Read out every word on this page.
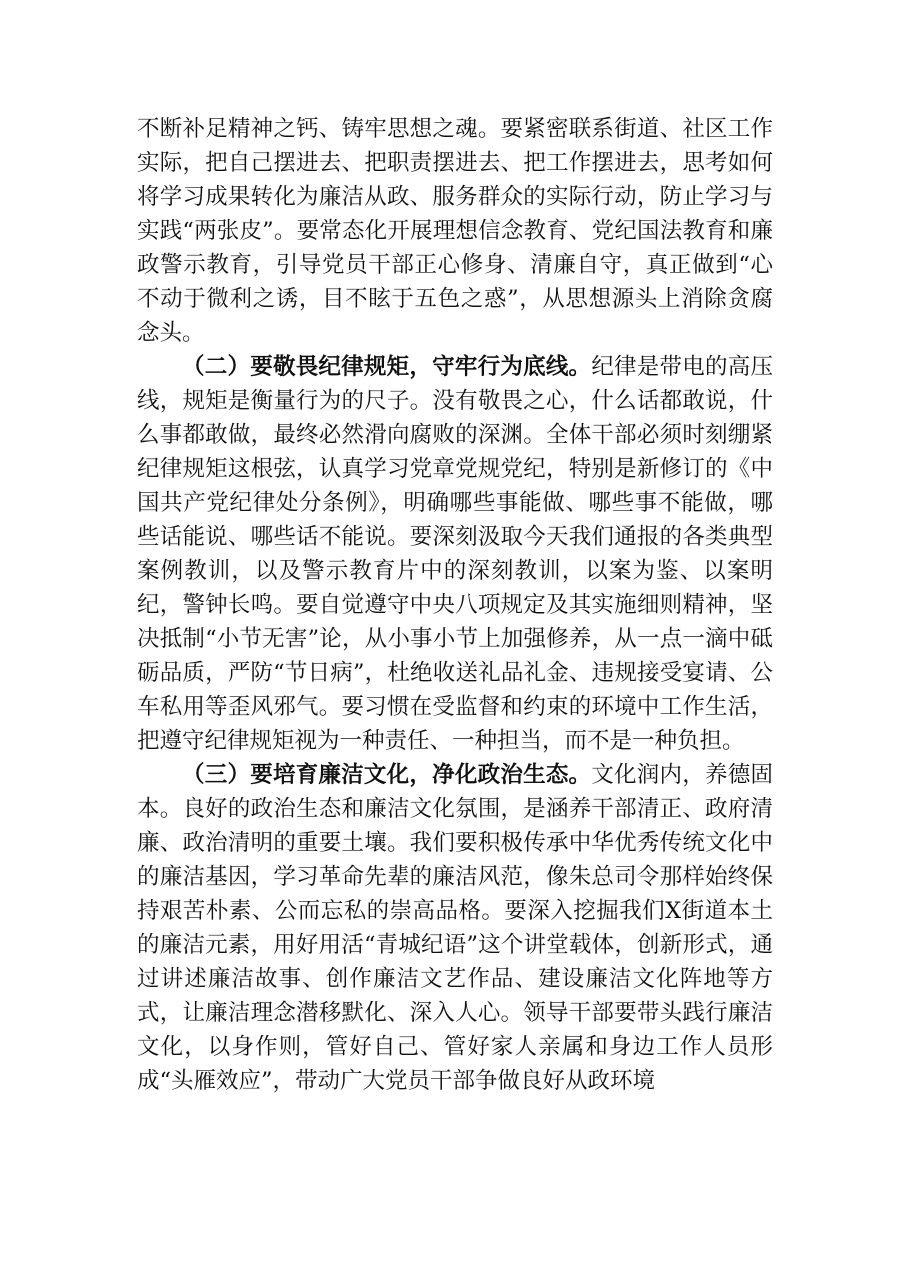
不断补足精神之钙、铸牢思想之魂。要紧密联系街道、社区工作实际，把自己摆进去、把职责摆进去、把工作摆进去，思考如何将学习成果转化为廉洁从政、服务群众的实际行动，防止学习与实践“两张皮”。要常态化开展理想信念教育、党纪国法教育和廉政警示教育，引导党员干部正心修身、清廉自守，真正做到“心不动于微利之诱，目不眩于五色之惑”，从思想源头上消除贪腐念头。

（二）要敬畏纪律规矩，守牢行为底线。纪律是带电的高压线，规矩是衡量行为的尺子。没有敬畏之心，什么话都敢说，什么事都敢做，最终必然滑向腐败的深渊。全体干部必须时刻绷紧纪律规矩这根弦，认真学习党章党规党纪，特别是新修订的《中国共产党纪律处分条例》，明确哪些事能做、哪些事不能做，哪些话能说、哪些话不能说。要深刻汲取今天我们通报的各类典型案例教训，以及警示教育片中的深刻教训，以案为鉴、以案明纪，警钟长鸣。要自觉遵守中央八项规定及其实施细则精神，坚决抵制“小节无害”论，从小事小节上加强修养，从一点一滴中砥砺品质，严防“节日病”，杜绝收送礼品礼金、违规接受宴请、公车私用等歪风邪气。要习惯在受监督和约束的环境中工作生活，把遵守纪律规矩视为一种责任、一种担当，而不是一种负担。

（三）要培育廉洁文化，净化政治生态。文化润内，养德固本。良好的政治生态和廉洁文化氛围，是涵养干部清正、政府清廉、政治清明的重要土壤。我们要积极传承中华优秀传统文化中的廉洁基因，学习革命先辈的廉洁风范，像朱总司令那样始终保持艰苦朴素、公而忘私的崇高品格。要深入挖掘我们X街道本土的廉洁元素，用好用活“青城纪语”这个讲堂载体，创新形式，通过讲述廉洁故事、创作廉洁文艺作品、建设廉洁文化阵地等方式，让廉洁理念潜移默化、深入人心。领导干部要带头践行廉洁文化，以身作则，管好自己、管好家人亲属和身边工作人员形成“头雁效应”，带动广大党员干部争做良好从政环境
